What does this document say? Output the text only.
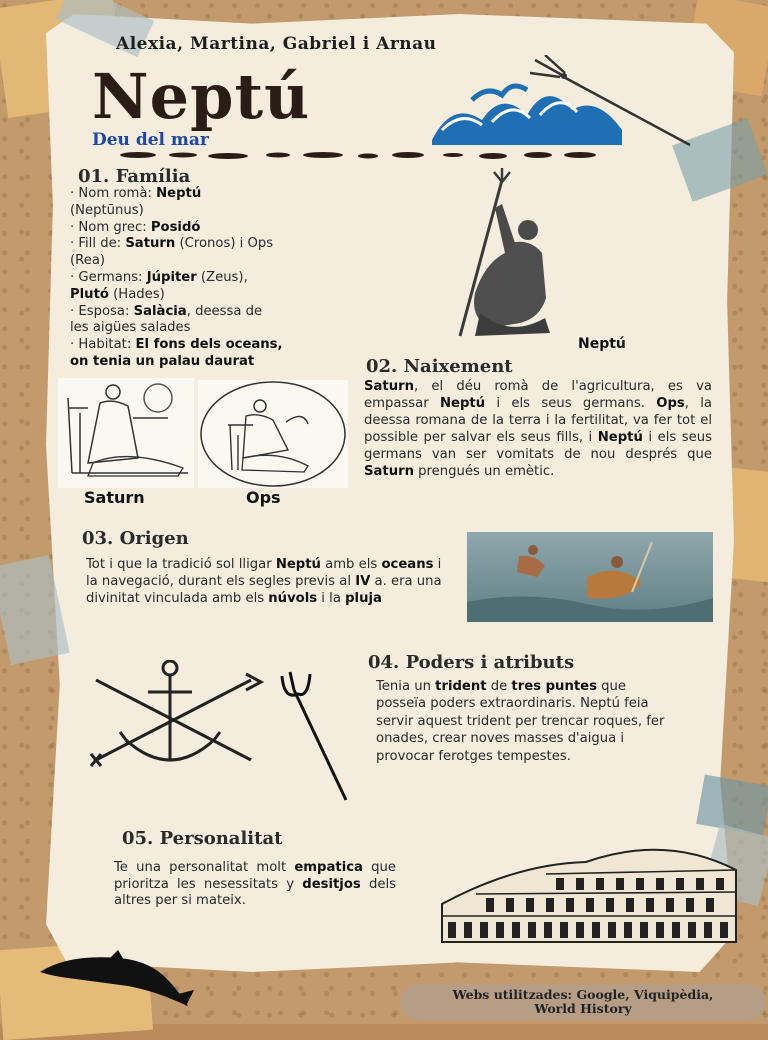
Alexia, Martina, Gabriel i Arnau
Neptú
Deu del mar
01. Família
· Nom romà: Neptú
(Neptūnus)
· Nom grec: Posidó
· Fill de: Saturn (Cronos) i Ops
(Rea)
· Germans: Júpiter (Zeus),
Plutó (Hades)
· Esposa: Salàcia, deessa de
les aigües salades
· Habitat: El fons dels oceans,
on tenia un palau daurat
Neptú
02. Naixement
Saturn, el déu romà de l'agricultura, es va empassar Neptú i els seus germans. Ops, la deessa romana de la terra i la fertilitat, va fer tot el possible per salvar els seus fills, i Neptú i els seus germans van ser vomitats de nou després que Saturn prengués un emètic.
Saturn	Ops
03. Origen
Tot i que la tradició sol lligar Neptú amb els oceans i la navegació, durant els segles previs al IV a. era una divinitat vinculada amb els núvols i la pluja
04. Poders i atributs
Tenia un trident de tres puntes que posseïa poders extraordinaris. Neptú feia servir aquest trident per trencar roques, fer onades, crear noves masses d'aigua i provocar ferotges tempestes.
05. Personalitat
Te una personalitat molt empatica que prioritza les nesessitats y desitjos dels altres per si mateix.
Webs utilitzades: Google, Viquipèdia,
World History
